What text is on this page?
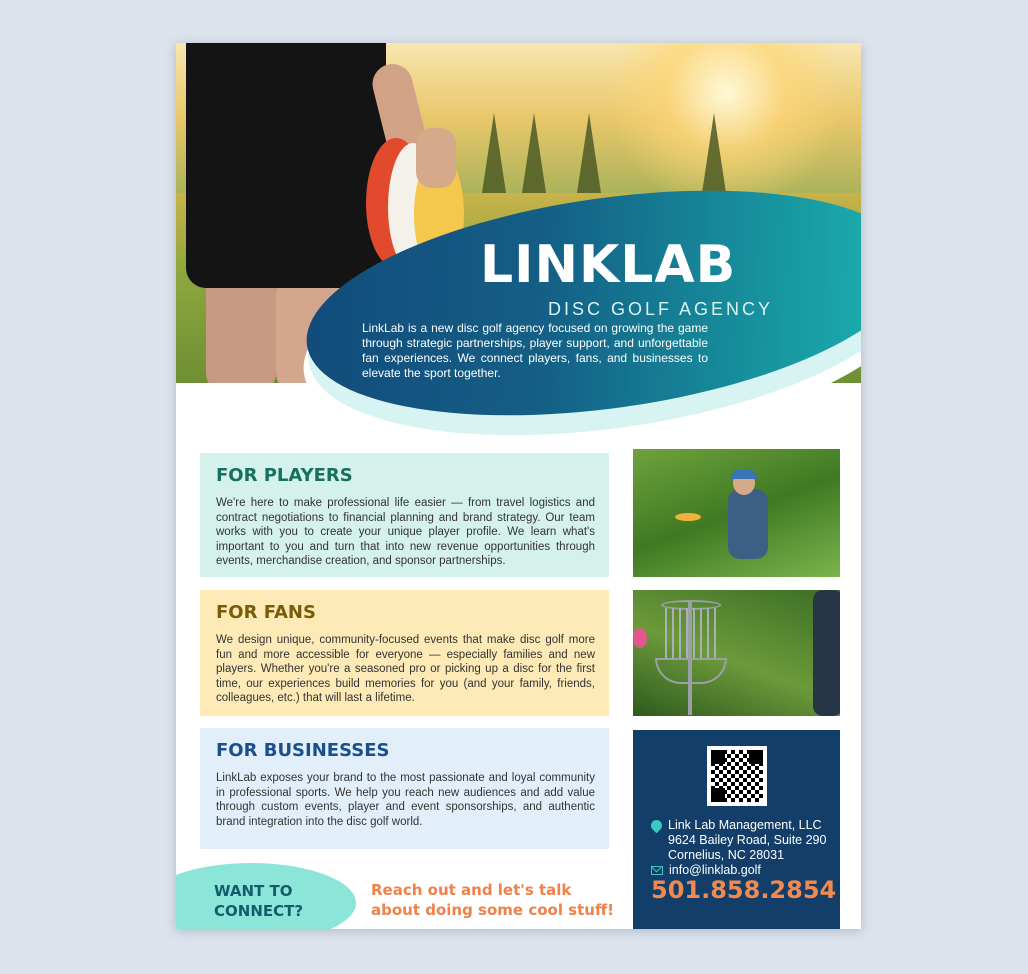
LINKLAB
DISC GOLF AGENCY
LinkLab is a new disc golf agency focused on growing the game through strategic partnerships, player support, and unforgettable fan experiences. We connect players, fans, and businesses to elevate the sport together.
FOR PLAYERS

We're here to make professional life easier — from travel logistics and contract negotiations to financial planning and brand strategy. Our team works with you to create your unique player profile. We learn what's important to you and turn that into new revenue opportunities through events, merchandise creation, and sponsor partnerships.

FOR FANS

We design unique, community-focused events that make disc golf more fun and more accessible for everyone — especially families and new players. Whether you're a seasoned pro or picking up a disc for the first time, our experiences build memories for you (and your family, friends, colleagues, etc.) that will last a lifetime.

FOR BUSINESSES

LinkLab exposes your brand to the most passionate and loyal community in professional sports. We help you reach new audiences and add value through custom events, player and event sponsorships, and authentic brand integration into the disc golf world.	Link Lab Management, LLC
9624 Bailey Road, Suite 290
Cornelius, NC 28031
info@linklab.golf
501.858.2854
WANT TO
CONNECT?
Reach out and let's talk
about doing some cool stuff!
